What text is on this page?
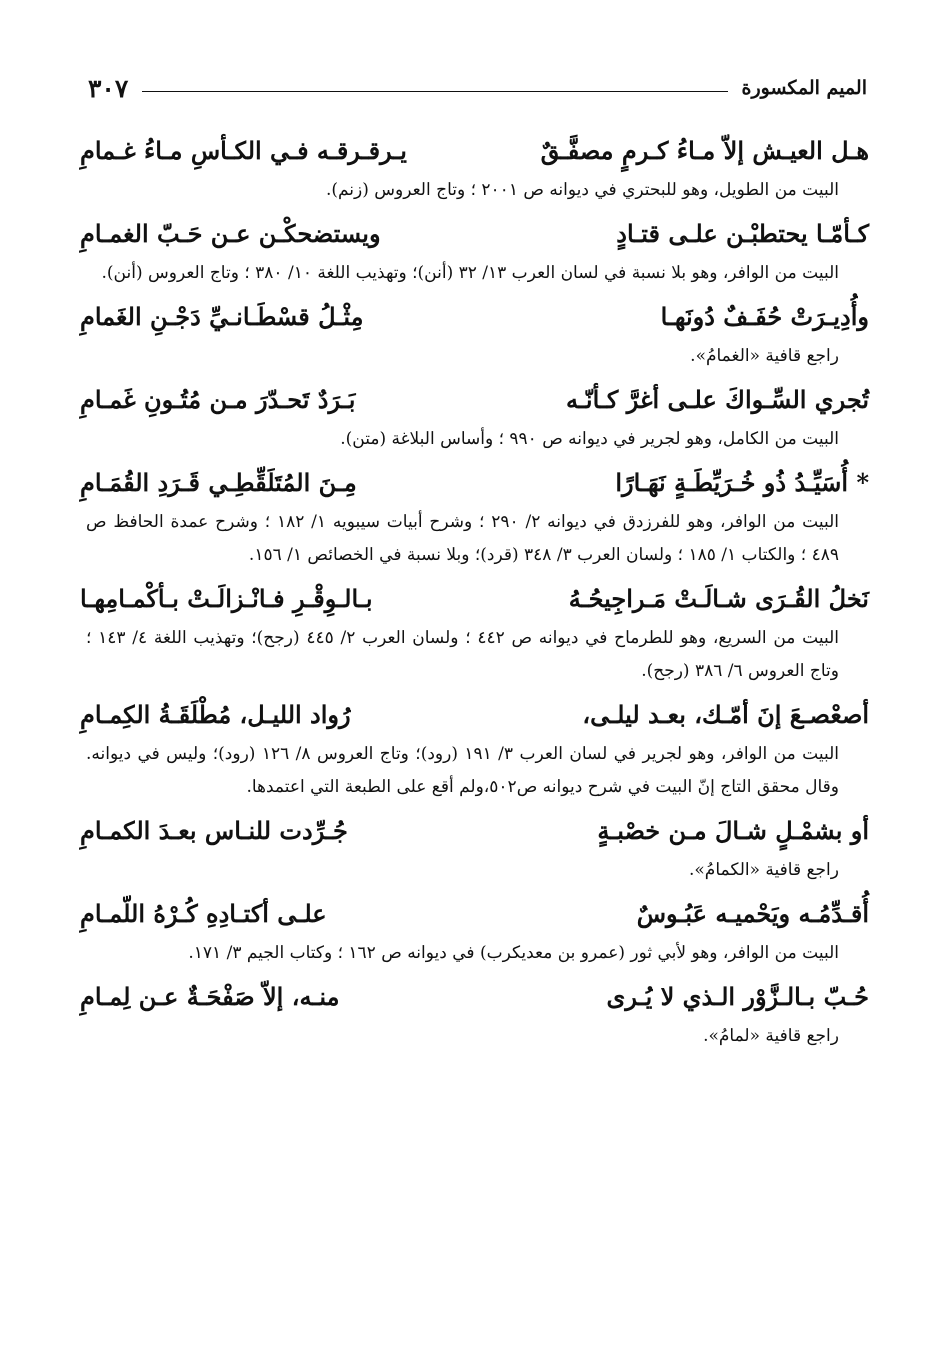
الميم المكسورة
٣٠٧
هـل العيـش إلاّ مـاءُ كـرمٍ مصفَّـقٌ
يـرقـرقـه فـي الكـأسِ مـاءُ غـمامِ

البيت من الطويل، وهو للبحتري في ديوانه ص ٢٠٠١ ؛ وتاج العروس (زنم).

كـأمّـا يحتطبْـن علـى قتـادٍ
ويستضحكْـن عـن حَـبّ الغمـامِ

البيت من الوافر، وهو بلا نسبة في لسان العرب ١٣/ ٣٢ (أنن)؛ وتهذيب اللغة ١٠/ ٣٨٠ ؛ وتاج العروس (أنن).

وأُدِيـرَتْ حُفَـفٌ دُونَهـا
مِثْـلُ قسْطَـانـيِّ دَجْـنِ الغَمامِ

راجع قافية «الغمامُ».

تُجري السِّـواكَ علـى أغرَّ كـأنّـه
بَـرَدٌ تَحـدّرَ مـن مُتُـونِ غَمـامِ

البيت من الكامل، وهو لجرير في ديوانه ص ٩٩٠ ؛ وأساس البلاغة (متن).

* أُسَيِّـدُ ذُو خُـرَيِّطَـةٍ نَهَـارًا
مِـنَ المُتَلَقِّطِـي قَـرَدِ القُمَـامِ

البيت من الوافر، وهو للفرزدق في ديوانه ٢/ ٢٩٠ ؛ وشرح أبيات سيبويه ١/ ١٨٢ ؛ وشرح عمدة الحافظ ص ٤٨٩ ؛ والكتاب ١/ ١٨٥ ؛ ولسان العرب ٣/ ٣٤٨ (قرد)؛ وبلا نسبة في الخصائص ١/ ١٥٦.

نَخلُ القُـرَى شـالَـتْ مَـراجِيحُـهُ
بـالـوِقْـرِ فـانْـزالَـتْ بـأكْمـامِهـا

البيت من السريع، وهو للطرماح في ديوانه ص ٤٤٢ ؛ ولسان العرب ٢/ ٤٤٥ (رجح)؛ وتهذيب اللغة ٤/ ١٤٣ ؛ وتاج العروس ٦/ ٣٨٦ (رجح).

أصعْصـعَ إنَ أمّـك، بعـد ليلـى،
رُواد الليـل، مُطْلَقَـةُ الكِمـامِ

البيت من الوافر، وهو لجرير في لسان العرب ٣/ ١٩١ (رود)؛ وتاج العروس ٨/ ١٢٦ (رود)؛ وليس في ديوانه. وقال محقق التاج إنّ البيت في شرح ديوانه ص٥٠٢،ولم أقع على الطبعة التي اعتمدها.

أو بشمْـلٍ شـالَ مـن خصْبـةٍ
جُـرِّدت للنـاس بعـدَ الكمـامِ

راجع قافية «الكمامُ».

أُقـدِّمُـه ويَحْميـه عَبُـوسٌ
علـى أكتـادِهِ كُـرْهُ اللّمـامِ

البيت من الوافر، وهو لأبي ثور (عمرو بن معديكرب) في ديوانه ص ١٦٢ ؛ وكتاب الجيم ٣/ ١٧١.

حُـبّ بـالـزَّوْر الـذي لا يُـرى
منـه، إلاّ صَفْحَـةٌ عـن لِمـامِ

راجع قافية «لمامُ».
